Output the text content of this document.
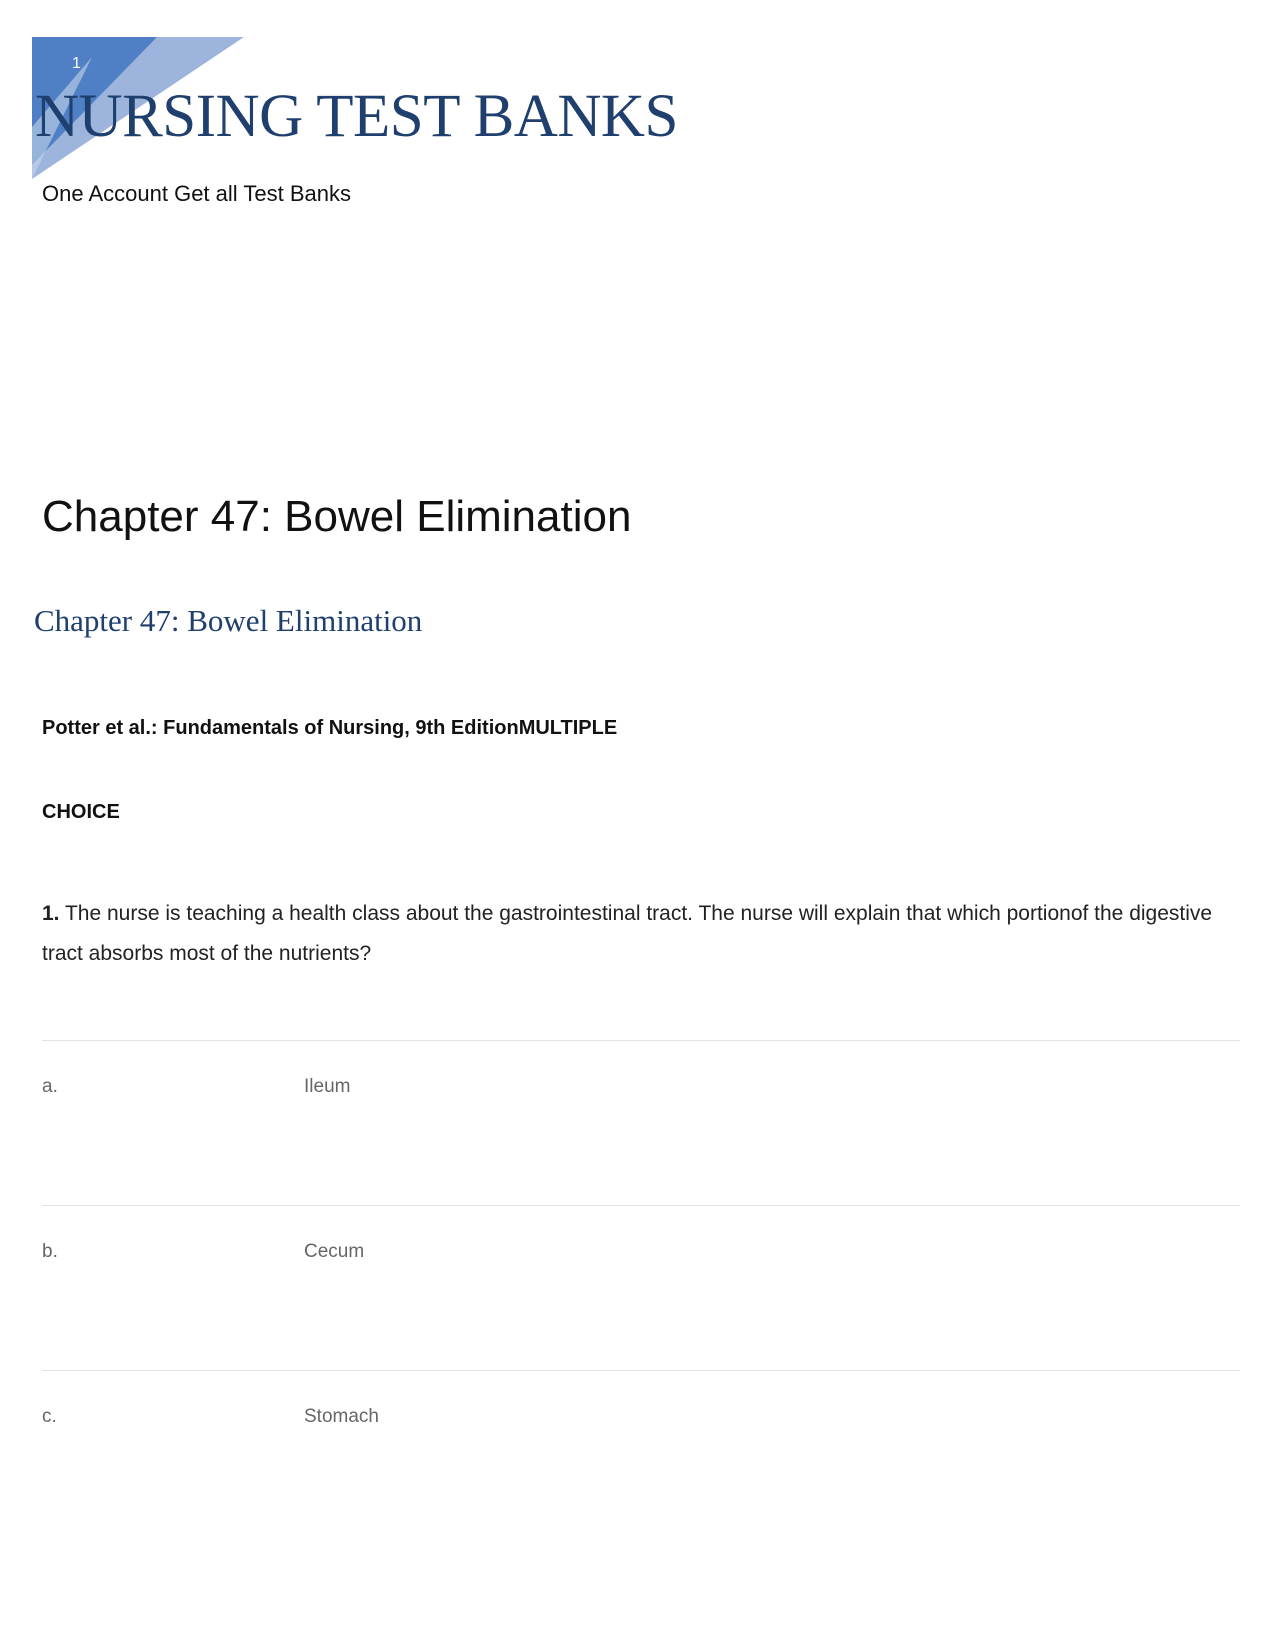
1
NURSING TEST BANKS
One Account Get all Test Banks
Chapter 47: Bowel Elimination
Chapter 47: Bowel Elimination
Potter et al.: Fundamentals of Nursing, 9th EditionMULTIPLE
CHOICE
1. The nurse is teaching a health class about the gastrointestinal tract. The nurse will explain that which portionof the digestive tract absorbs most of the nutrients?
a.	Ileum
b.	Cecum
c.	Stomach
